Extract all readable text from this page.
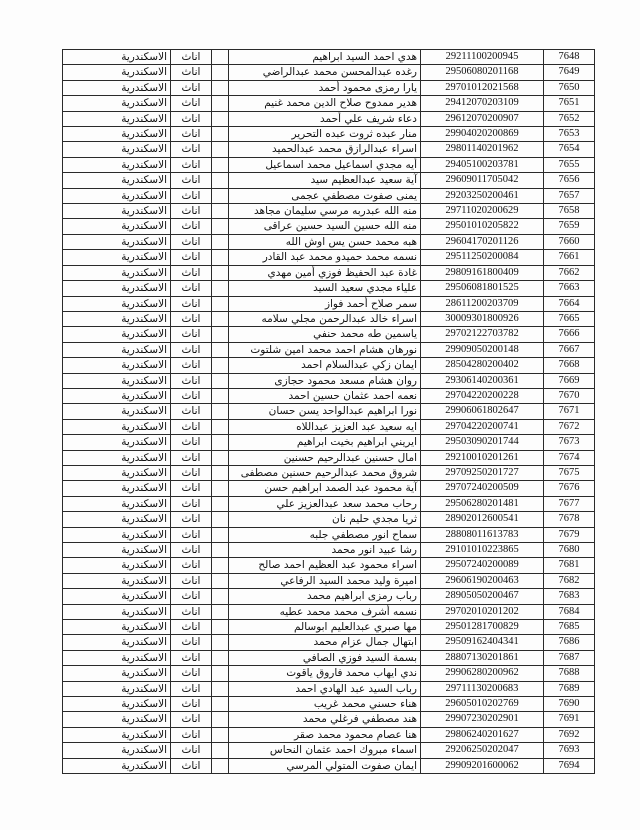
7648	29211100200945	هدي احمد السيد ابراهيم		اناث	الاسكندرية
7649	29506080201168	رغده عبدالمحسن محمد عبدالراضي		اناث	الاسكندرية
7650	29701012021568	يارا رمزى محمود أحمد		اناث	الاسكندرية
7651	29412070203109	هدير ممدوح صلاح الدين محمد غنيم		اناث	الاسكندرية
7652	29612070200907	دعاء شريف علي أحمد		اناث	الاسكندرية
7653	29904020200869	منار عبده ثروت عبده التحرير		اناث	الاسكندرية
7654	29801140201962	اسراء عبدالرازق محمد عبدالحميد		اناث	الاسكندرية
7655	29405100203781	أيه مجدي اسماعيل محمد اسماعيل		اناث	الاسكندرية
7656	29609011705042	آية سعيد عبدالعظيم سيد		اناث	الاسكندرية
7657	29203250200461	يمنى صفوت مصطفي عجمى		اناث	الاسكندرية
7658	29711020200629	منه الله عبدربه مرسي سليمان مجاهد		اناث	الاسكندرية
7659	29501010205822	منه الله حسين السيد حسين عراقى		اناث	الاسكندرية
7660	29604170201126	هبه محمد حسن يس اوش الله		اناث	الاسكندرية
7661	29511250200084	نسمه محمد حميدو محمد عبد القادر		اناث	الاسكندرية
7662	29809161800409	غادة عبد الحفيظ فوزي أمين مهدي		اناث	الاسكندرية
7663	29506081801525	علياء مجدي سعيد السيد		اناث	الاسكندرية
7664	28611200203709	سمر صلاح أحمد فواز		اناث	الاسكندرية
7665	30009301800926	اسراء خالد عبدالرحمن مجلي سلامه		اناث	الاسكندرية
7666	29702122703782	ياسمين طه محمد حنفي		اناث	الاسكندرية
7667	29909050200148	نورهان هشام احمد محمد امين شلتوت		اناث	الاسكندرية
7668	28504280200402	ايمان زكي عبدالسلام احمد		اناث	الاسكندرية
7669	29306140200361	روان هشام مسعد محمود حجازى		اناث	الاسكندرية
7670	29704220200228	نعمه احمد عثمان حسين احمد		اناث	الاسكندرية
7671	29906061802647	نورا ابراهيم عبدالواحد يسن حسان		اناث	الاسكندرية
7672	29704220200741	ايه سعيد عبد العزيز عبداللاه		اناث	الاسكندرية
7673	29503090201744	ايريني ابراهيم بخيت ابراهيم		اناث	الاسكندرية
7674	29210010201261	امال حسنين عبدالرحيم حسنين		اناث	الاسكندرية
7675	29709250201727	شروق محمد عبدالرحيم حسنين مصطفى		اناث	الاسكندرية
7676	29707240200509	آية محمود عبد الصمد ابراهيم حسن		اناث	الاسكندرية
7677	29506280201481	رحاب محمد سعد عبدالعزيز علي		اناث	الاسكندرية
7678	28902012600541	ثريا مجدي حليم نان		اناث	الاسكندرية
7679	28808011613783	سماح انور مصطفي جلبه		اناث	الاسكندرية
7680	29101010223865	رشا عبيد انور محمد		اناث	الاسكندرية
7681	29507240200089	اسراء محمود عبد العظيم احمد صالح		اناث	الاسكندرية
7682	29606190200463	اميرة وليد محمد السيد الرفاعي		اناث	الاسكندرية
7683	28905050200467	رباب رمزى ابراهيم محمد		اناث	الاسكندرية
7684	29702010201202	نسمه أشرف محمد محمد عطيه		اناث	الاسكندرية
7685	29501281700829	مها صبري عبدالعليم ابوسالم		اناث	الاسكندرية
7686	29509162404341	ابتهال جمال عزام محمد		اناث	الاسكندرية
7687	28807130201861	بسمة السيد فوزي الصافي		اناث	الاسكندرية
7688	29906280200962	ندي ايهاب محمد فاروق ياقوت		اناث	الاسكندرية
7689	29711130200683	رباب السيد عبد الهادي احمد		اناث	الاسكندرية
7690	29605010202769	هناء حسني محمد غريب		اناث	الاسكندرية
7691	29907230202901	هند مصطفي فرغلي محمد		اناث	الاسكندرية
7692	29806240201627	هنا عصام محمود محمد صقر		اناث	الاسكندرية
7693	29206250202047	اسماء مبروك احمد عثمان النحاس		اناث	الاسكندرية
7694	29909201600062	ايمان صفوت المتولي المرسي		اناث	الاسكندرية
